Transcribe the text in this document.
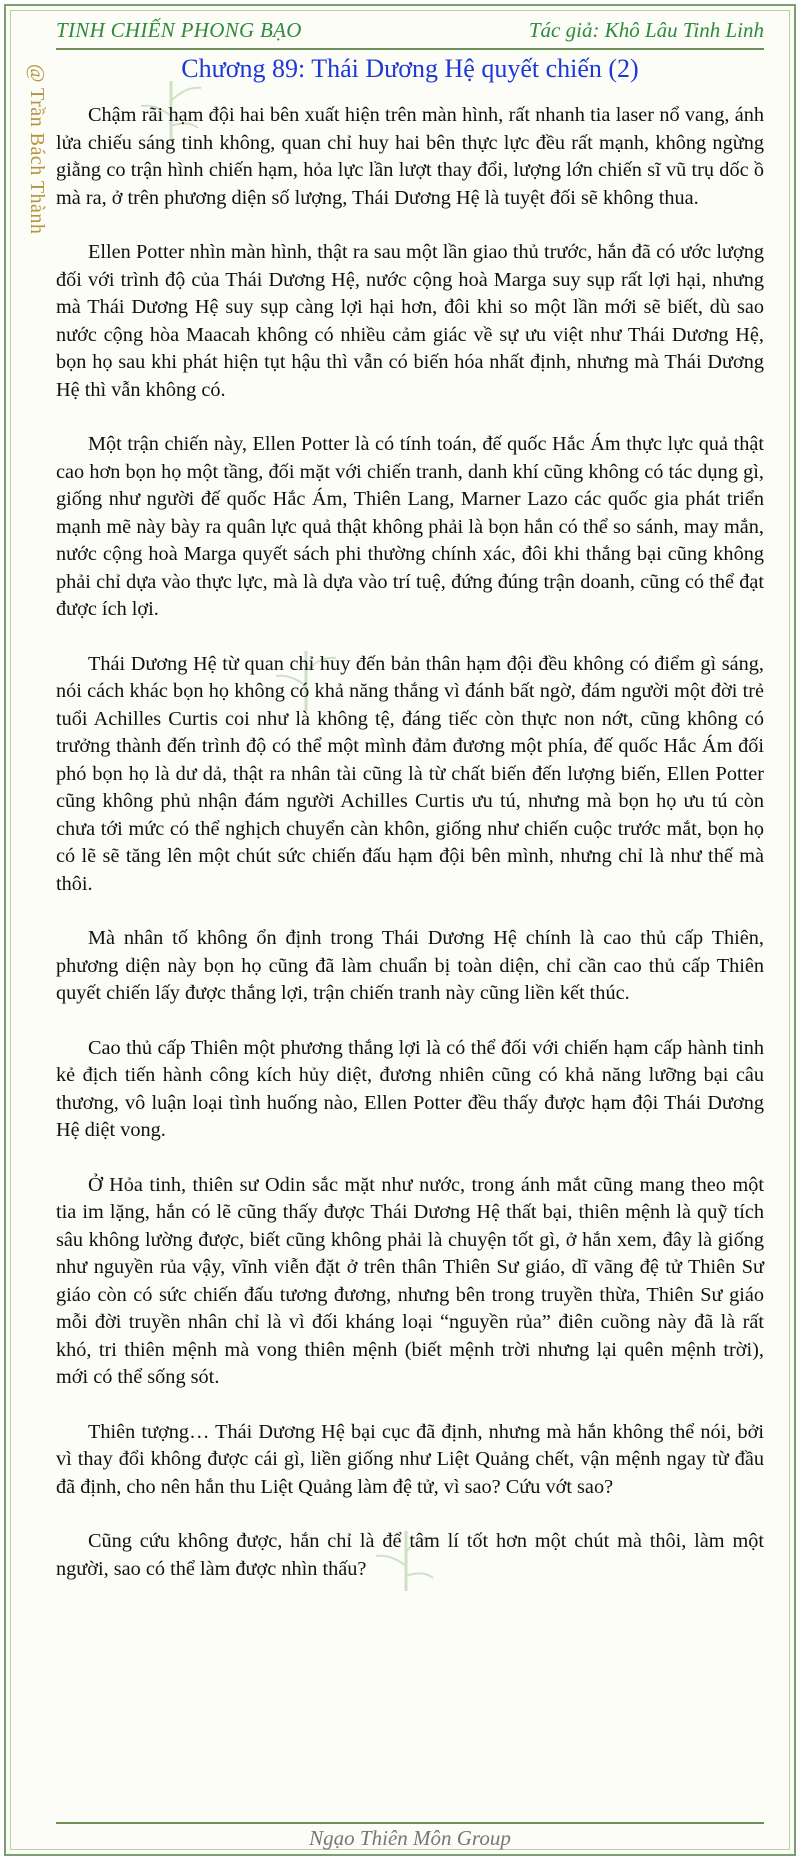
TINH CHIẾN PHONG BẠO	Tác giả: Khô Lâu Tinh Linh
@ Trần Bách Thành	Chương 89: Thái Dương Hệ quyết chiến (2)

Chậm rãi hạm đội hai bên xuất hiện trên màn hình, rất nhanh tia laser nổ vang, ánh lửa chiếu sáng tinh không, quan chỉ huy hai bên thực lực đều rất mạnh, không ngừng giằng co trận hình chiến hạm, hỏa lực lần lượt thay đổi, lượng lớn chiến sĩ vũ trụ dốc ồ mà ra, ở trên phương diện số lượng, Thái Dương Hệ là tuyệt đối sẽ không thua.

Ellen Potter nhìn màn hình, thật ra sau một lần giao thủ trước, hắn đã có ước lượng đối với trình độ của Thái Dương Hệ, nước cộng hoà Marga suy sụp rất lợi hại, nhưng mà Thái Dương Hệ suy sụp càng lợi hại hơn, đôi khi so một lần mới sẽ biết, dù sao nước cộng hòa Maacah không có nhiều cảm giác về sự ưu việt như Thái Dương Hệ, bọn họ sau khi phát hiện tụt hậu thì vẫn có biến hóa nhất định, nhưng mà Thái Dương Hệ thì vẫn không có.

Một trận chiến này, Ellen Potter là có tính toán, đế quốc Hắc Ám thực lực quả thật cao hơn bọn họ một tầng, đối mặt với chiến tranh, danh khí cũng không có tác dụng gì, giống như người đế quốc Hắc Ám, Thiên Lang, Marner Lazo các quốc gia phát triển mạnh mẽ này bày ra quân lực quả thật không phải là bọn hắn có thể so sánh, may mắn, nước cộng hoà Marga quyết sách phi thường chính xác, đôi khi thắng bại cũng không phải chỉ dựa vào thực lực, mà là dựa vào trí tuệ, đứng đúng trận doanh, cũng có thể đạt được ích lợi.

Thái Dương Hệ từ quan chỉ huy đến bản thân hạm đội đều không có điểm gì sáng, nói cách khác bọn họ không có khả năng thắng vì đánh bất ngờ, đám người một đời trẻ tuổi Achilles Curtis coi như là không tệ, đáng tiếc còn thực non nớt, cũng không có trưởng thành đến trình độ có thể một mình đảm đương một phía, đế quốc Hắc Ám đối phó bọn họ là dư dả, thật ra nhân tài cũng là từ chất biến đến lượng biến, Ellen Potter cũng không phủ nhận đám người Achilles Curtis ưu tú, nhưng mà bọn họ ưu tú còn chưa tới mức có thể nghịch chuyển càn khôn, giống như chiến cuộc trước mắt, bọn họ có lẽ sẽ tăng lên một chút sức chiến đấu hạm đội bên mình, nhưng chỉ là như thế mà thôi.

Mà nhân tố không ổn định trong Thái Dương Hệ chính là cao thủ cấp Thiên, phương diện này bọn họ cũng đã làm chuẩn bị toàn diện, chỉ cần cao thủ cấp Thiên quyết chiến lấy được thắng lợi, trận chiến tranh này cũng liền kết thúc.

Cao thủ cấp Thiên một phương thắng lợi là có thể đối với chiến hạm cấp hành tinh kẻ địch tiến hành công kích hủy diệt, đương nhiên cũng có khả năng lưỡng bại câu thương, vô luận loại tình huống nào, Ellen Potter đều thấy được hạm đội Thái Dương Hệ diệt vong.

Ở Hỏa tinh, thiên sư Odin sắc mặt như nước, trong ánh mắt cũng mang theo một tia im lặng, hắn có lẽ cũng thấy được Thái Dương Hệ thất bại, thiên mệnh là quỹ tích sâu không lường được, biết cũng không phải là chuyện tốt gì, ở hắn xem, đây là giống như nguyền rủa vậy, vĩnh viễn đặt ở trên thân Thiên Sư giáo, dĩ vãng đệ tử Thiên Sư giáo còn có sức chiến đấu tương đương, nhưng bên trong truyền thừa, Thiên Sư giáo mỗi đời truyền nhân chỉ là vì đối kháng loại “nguyền rủa” điên cuồng này đã là rất khó, tri thiên mệnh mà vong thiên mệnh (biết mệnh trời nhưng lại quên mệnh trời), mới có thể sống sót.

Thiên tượng… Thái Dương Hệ bại cục đã định, nhưng mà hắn không thể nói, bởi vì thay đổi không được cái gì, liền giống như Liệt Quảng chết, vận mệnh ngay từ đầu đã định, cho nên hắn thu Liệt Quảng làm đệ tử, vì sao? Cứu vớt sao?

Cũng cứu không được, hắn chỉ là để tâm lí tốt hơn một chút mà thôi, làm một người, sao có thể làm được nhìn thấu?

Ngạo Thiên Môn Group
